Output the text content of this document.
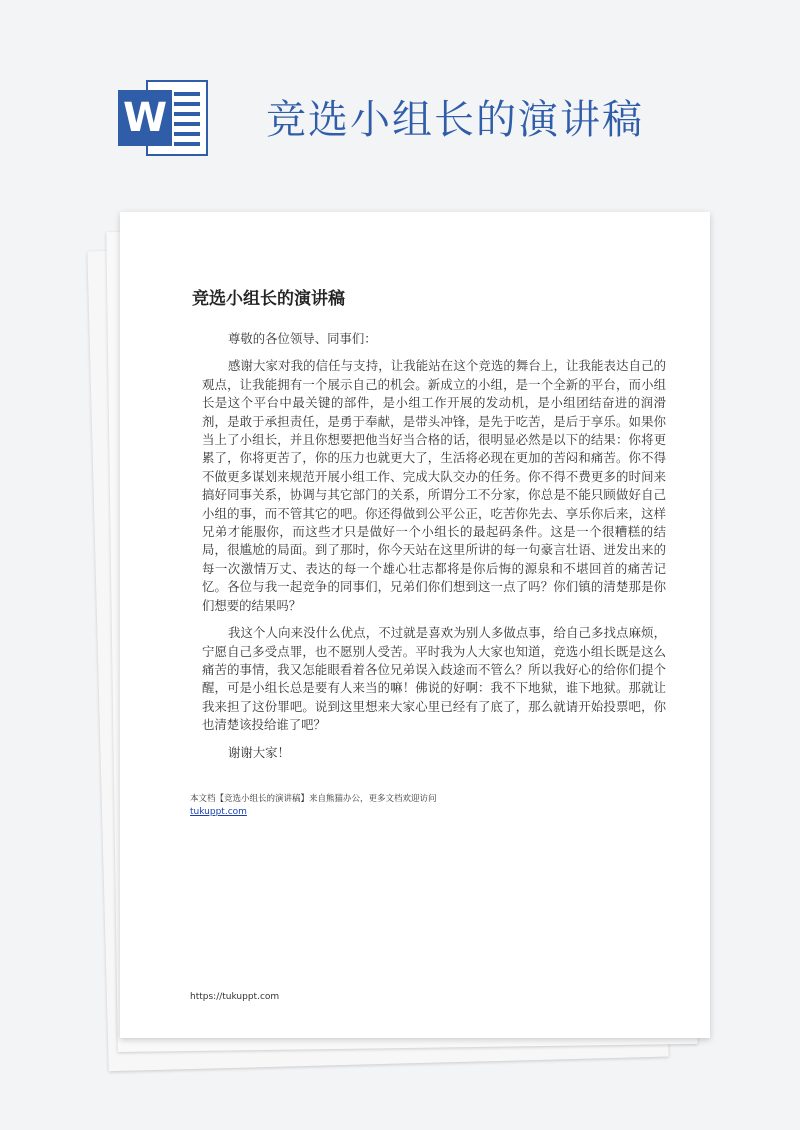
W 竞选小组长的演讲稿
竞选小组长的演讲稿

尊敬的各位领导、同事们：

感谢大家对我的信任与支持，让我能站在这个竞选的舞台上，让我能表达自己的观点，让我能拥有一个展示自己的机会。新成立的小组，是一个全新的平台，而小组长是这个平台中最关键的部件，是小组工作开展的发动机，是小组团结奋进的润滑剂，是敢于承担责任，是勇于奉献，是带头冲锋，是先于吃苦，是后于享乐。如果你当上了小组长，并且你想要把他当好当合格的话，很明显必然是以下的结果：你将更累了，你将更苦了，你的压力也就更大了，生活将必现在更加的苦闷和痛苦。你不得不做更多谋划来规范开展小组工作、完成大队交办的任务。你不得不费更多的时间来搞好同事关系，协调与其它部门的关系，所谓分工不分家，你总是不能只顾做好自己小组的事，而不管其它的吧。你还得做到公平公正，吃苦你先去、享乐你后来，这样兄弟才能服你，而这些才只是做好一个小组长的最起码条件。这是一个很糟糕的结局，很尴尬的局面。到了那时，你今天站在这里所讲的每一句豪言壮语、迸发出来的每一次激情万丈、表达的每一个雄心壮志都将是你后悔的源泉和不堪回首的痛苦记忆。各位与我一起竞争的同事们，兄弟们你们想到这一点了吗？你们镇的清楚那是你们想要的结果吗？

我这个人向来没什么优点，不过就是喜欢为别人多做点事，给自己多找点麻烦，宁愿自己多受点罪，也不愿别人受苦。平时我为人大家也知道，竞选小组长既是这么痛苦的事情，我又怎能眼看着各位兄弟误入歧途而不管么？所以我好心的给你们提个醒，可是小组长总是要有人来当的嘛！佛说的好啊：我不下地狱，谁下地狱。那就让我来担了这份罪吧。说到这里想来大家心里已经有了底了，那么就请开始投票吧，你也清楚该投给谁了吧？

谢谢大家！

本文档【竞选小组长的演讲稿】来自熊猫办公，更多文档欢迎访问
tukuppt.com
https://tukuppt.com
